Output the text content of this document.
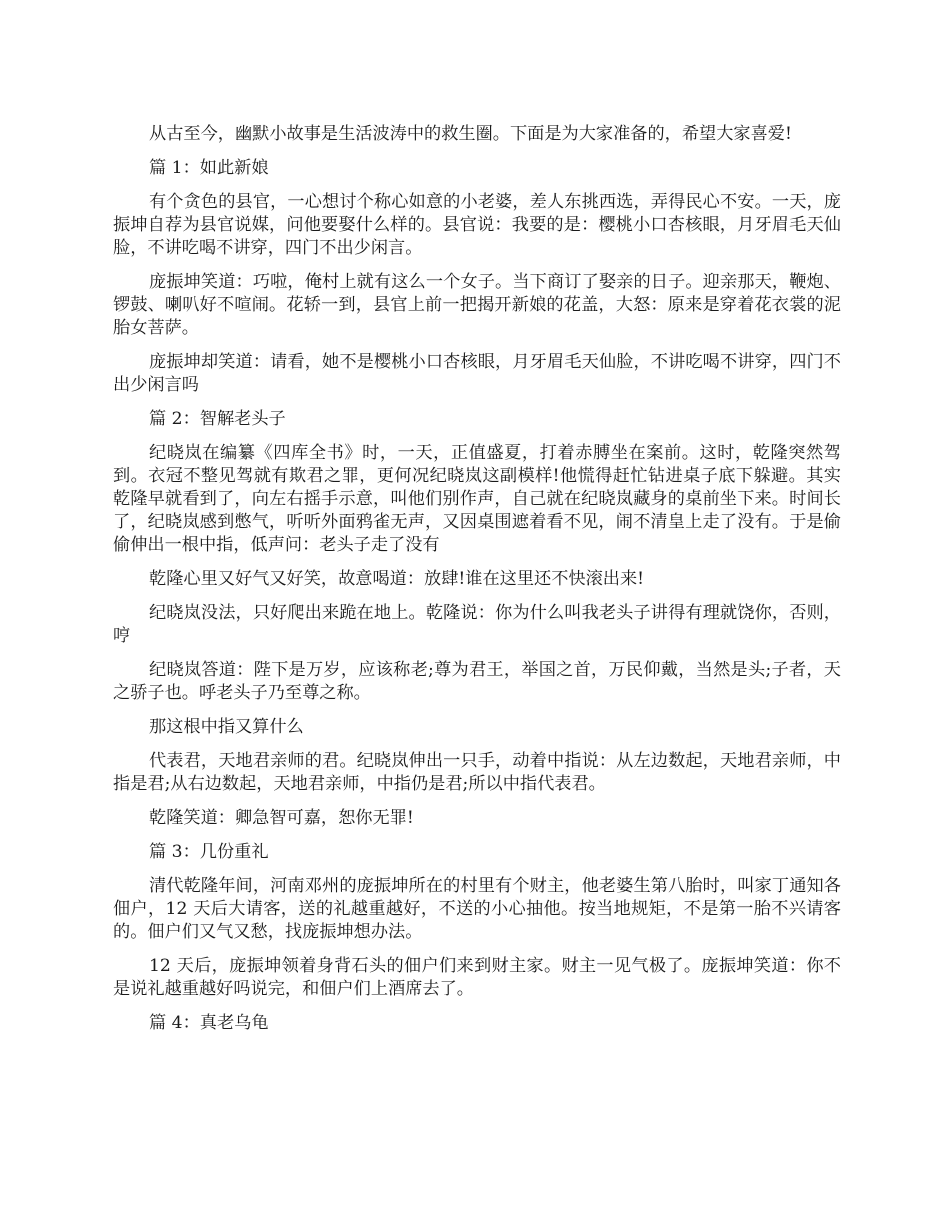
从古至今，幽默小故事是生活波涛中的救生圈。下面是为大家准备的，希望大家喜爱!

篇 1：如此新娘

有个贪色的县官，一心想讨个称心如意的小老婆，差人东挑西选，弄得民心不安。一天，庞振坤自荐为县官说媒，问他要娶什么样的。县官说：我要的是：樱桃小口杏核眼，月牙眉毛天仙脸，不讲吃喝不讲穿，四门不出少闲言。

庞振坤笑道：巧啦，俺村上就有这么一个女子。当下商订了娶亲的日子。迎亲那天，鞭炮、锣鼓、喇叭好不喧闹。花轿一到，县官上前一把揭开新娘的花盖，大怒：原来是穿着花衣裳的泥胎女菩萨。

庞振坤却笑道：请看，她不是樱桃小口杏核眼，月牙眉毛天仙脸，不讲吃喝不讲穿，四门不出少闲言吗

篇 2：智解老头子

纪晓岚在编纂《四库全书》时，一天，正值盛夏，打着赤膊坐在案前。这时，乾隆突然驾到。衣冠不整见驾就有欺君之罪，更何况纪晓岚这副模样!他慌得赶忙钻进桌子底下躲避。其实乾隆早就看到了，向左右摇手示意，叫他们别作声，自己就在纪晓岚藏身的桌前坐下来。时间长了，纪晓岚感到憋气，听听外面鸦雀无声，又因桌围遮着看不见，闹不清皇上走了没有。于是偷偷伸出一根中指，低声问：老头子走了没有

乾隆心里又好气又好笑，故意喝道：放肆!谁在这里还不快滚出来!

纪晓岚没法，只好爬出来跪在地上。乾隆说：你为什么叫我老头子讲得有理就饶你，否则，哼

纪晓岚答道：陛下是万岁，应该称老;尊为君王，举国之首，万民仰戴，当然是头;子者，天之骄子也。呼老头子乃至尊之称。

那这根中指又算什么

代表君，天地君亲师的君。纪晓岚伸出一只手，动着中指说：从左边数起，天地君亲师，中指是君;从右边数起，天地君亲师，中指仍是君;所以中指代表君。

乾隆笑道：卿急智可嘉，恕你无罪!

篇 3：几份重礼

清代乾隆年间，河南邓州的庞振坤所在的村里有个财主，他老婆生第八胎时，叫家丁通知各佃户，12 天后大请客，送的礼越重越好，不送的小心抽他。按当地规矩，不是第一胎不兴请客的。佃户们又气又愁，找庞振坤想办法。

12 天后，庞振坤领着身背石头的佃户们来到财主家。财主一见气极了。庞振坤笑道：你不是说礼越重越好吗说完，和佃户们上酒席去了。

篇 4：真老乌龟
